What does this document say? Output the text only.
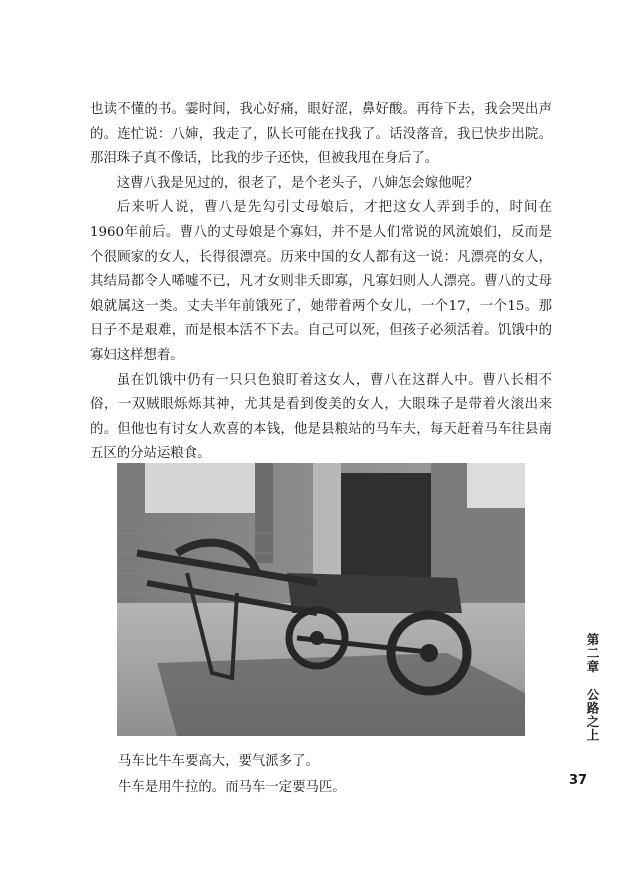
也读不懂的书。霎时间，我心好痛，眼好涩，鼻好酸。再待下去，我会哭出声的。连忙说：八婶，我走了，队长可能在找我了。话没落音，我已快步出院。那泪珠子真不像话，比我的步子还快，但被我甩在身后了。

这曹八我是见过的，很老了，是个老头子，八婶怎会嫁他呢？

后来听人说，曹八是先勾引丈母娘后，才把这女人弄到手的，时间在1960年前后。曹八的丈母娘是个寡妇，并不是人们常说的风流娘们，反而是个很顾家的女人，长得很漂亮。历来中国的女人都有这一说：凡漂亮的女人，其结局都令人唏嘘不已，凡才女则非夭即寡，凡寡妇则人人漂亮。曹八的丈母娘就属这一类。丈夫半年前饿死了，她带着两个女儿，一个17，一个15。那日子不是艰难，而是根本活不下去。自己可以死，但孩子必须活着。饥饿中的寡妇这样想着。

虽在饥饿中仍有一只只色狼盯着这女人，曹八在这群人中。曹八长相不俗，一双贼眼烁烁其神，尤其是看到俊美的女人，大眼珠子是带着火滚出来的。但他也有讨女人欢喜的本钱，他是县粮站的马车夫，每天赶着马车往县南五区的分站运粮食。

马车比牛车要高大，要气派多了。

牛车是用牛拉的。而马车一定要马匹。

第二章公路之上
37
